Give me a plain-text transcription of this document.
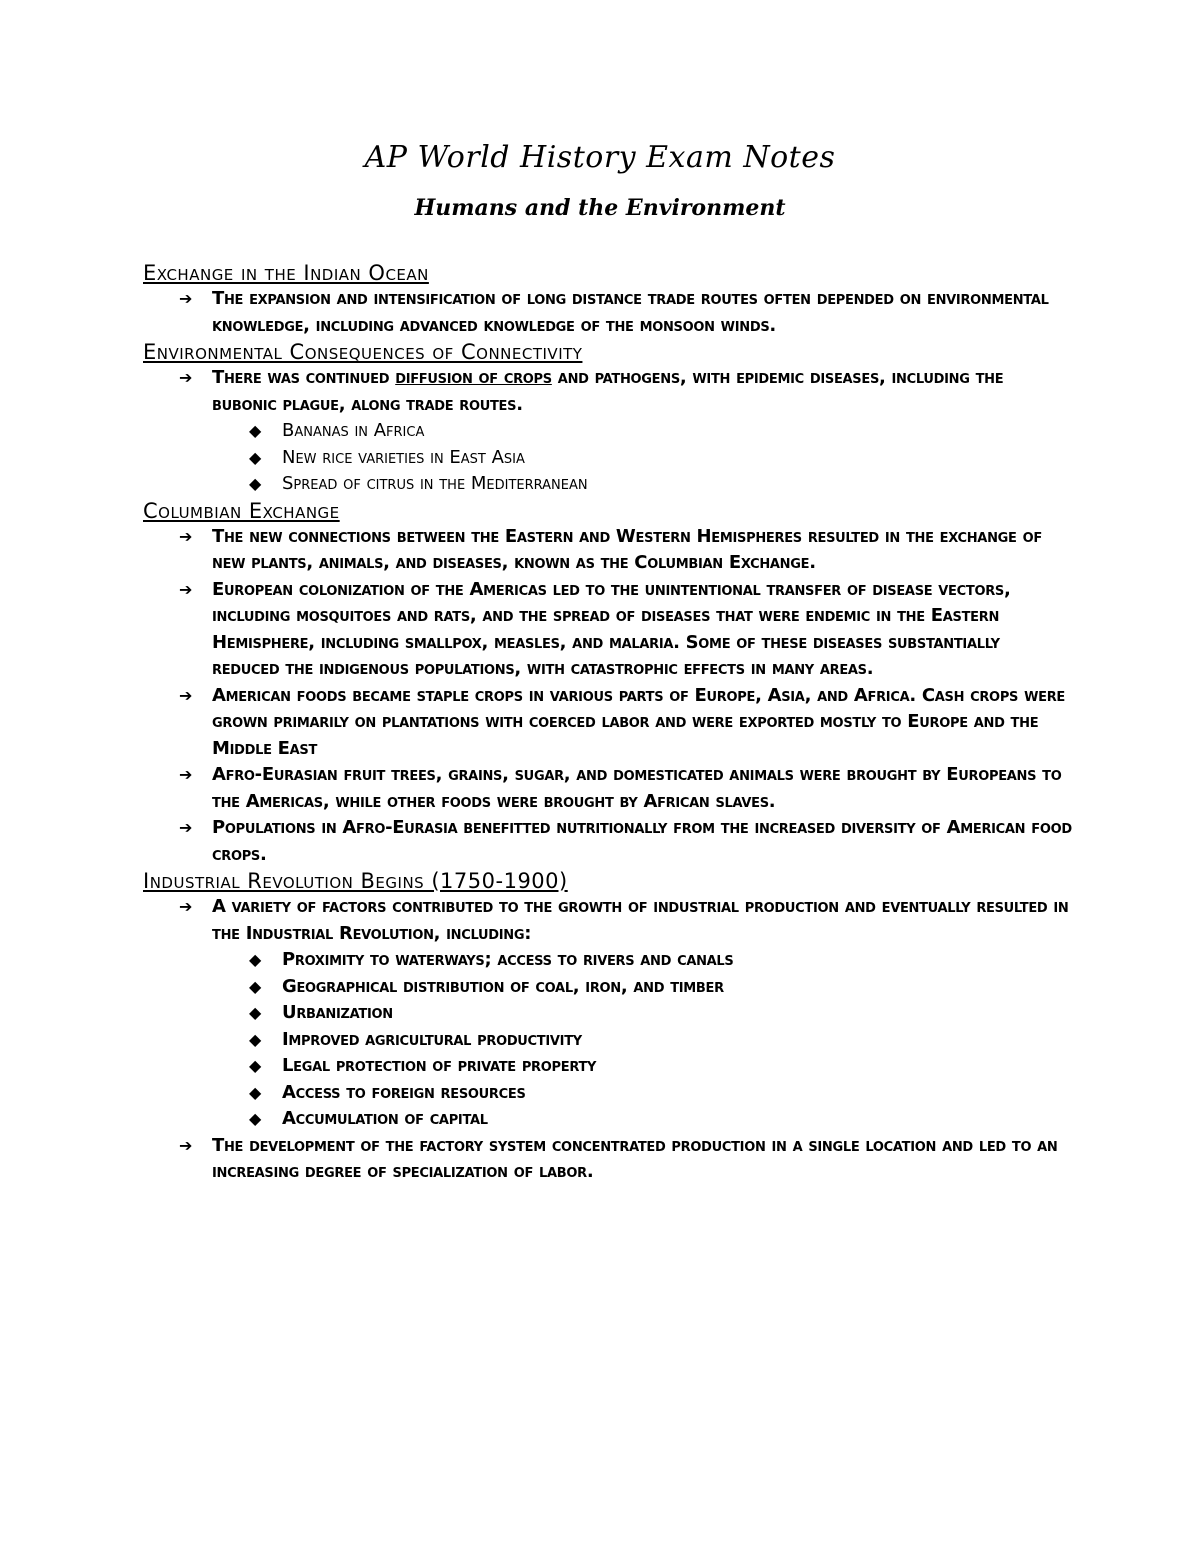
AP World History Exam Notes
Humans and the Environment
Exchange in the Indian Ocean
➔ The expansion and intensification of long distance trade routes often depended on environmental knowledge, including advanced knowledge of the monsoon winds.
Environmental Consequences of Connectivity
➔ There was continued diffusion of crops and pathogens, with epidemic diseases, including the bubonic plague, along trade routes.
◆ Bananas in Africa
◆ New rice varieties in East Asia
◆ Spread of citrus in the Mediterranean
Columbian Exchange
➔ The new connections between the Eastern and Western Hemispheres resulted in the exchange of new plants, animals, and diseases, known as the Columbian Exchange.
➔ European colonization of the Americas led to the unintentional transfer of disease vectors, including mosquitoes and rats, and the spread of diseases that were endemic in the Eastern Hemisphere, including smallpox, measles, and malaria. Some of these diseases substantially reduced the indigenous populations, with catastrophic effects in many areas.
➔ American foods became staple crops in various parts of Europe, Asia, and Africa. Cash crops were grown primarily on plantations with coerced labor and were exported mostly to Europe and the Middle East
➔ Afro-Eurasian fruit trees, grains, sugar, and domesticated animals were brought by Europeans to the Americas, while other foods were brought by African slaves.
➔ Populations in Afro-Eurasia benefitted nutritionally from the increased diversity of American food crops.
Industrial Revolution Begins (1750-1900)
➔ A variety of factors contributed to the growth of industrial production and eventually resulted in the Industrial Revolution, including:
◆ Proximity to waterways; access to rivers and canals
◆ Geographical distribution of coal, iron, and timber
◆ Urbanization
◆ Improved agricultural productivity
◆ Legal protection of private property
◆ Access to foreign resources
◆ Accumulation of capital
➔ The development of the factory system concentrated production in a single location and led to an increasing degree of specialization of labor.
